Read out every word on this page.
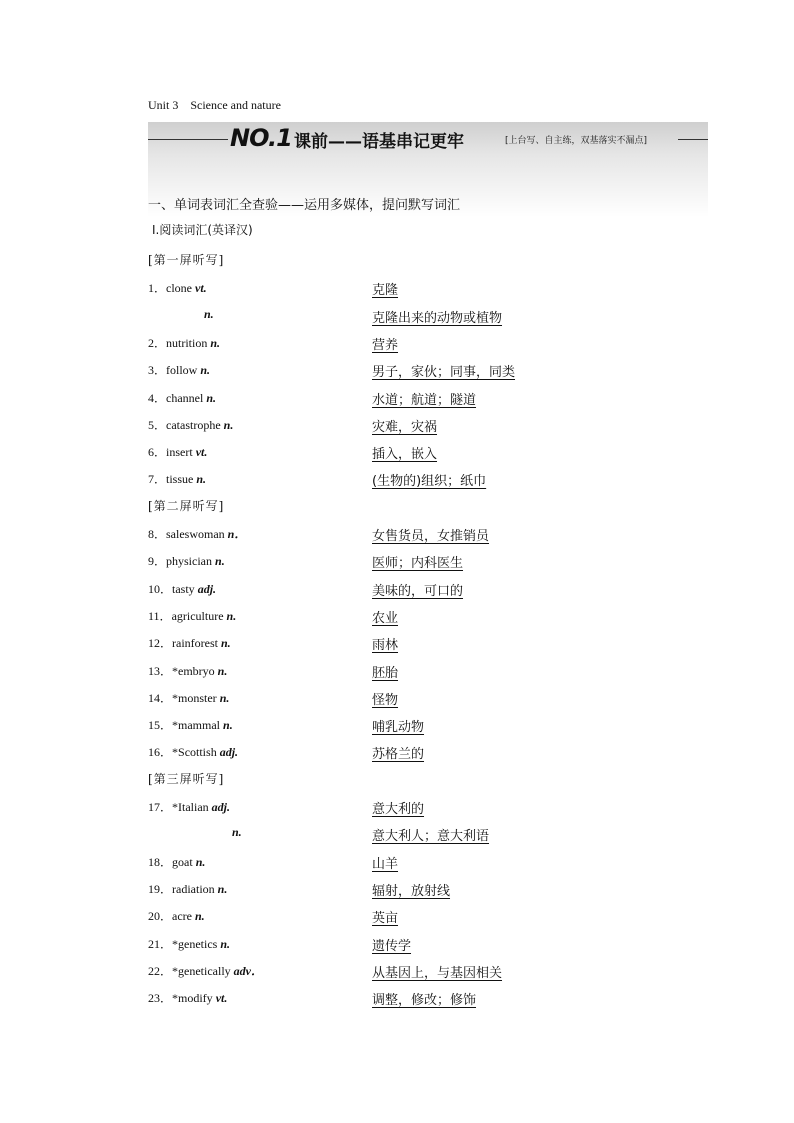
Unit 3　Science and nature
NO.1 课前——语基串记更牢	[上台写、自主练，双基落实不漏点]
一、单词表词汇全查验——运用多媒体，提问默写词汇
Ⅰ.阅读词汇(英译汉)
[第一屏听写]
1．clone vt.	克隆
n.	克隆出来的动物或植物
2．nutrition n.	营养
3．follow n.	男子，家伙；同事，同类
4．channel n.	水道；航道；隧道
5．catastrophe n.	灾难，灾祸
6．insert vt.	插入，嵌入
7．tissue n.	(生物的)组织；纸巾
[第二屏听写]
8．saleswoman n．	女售货员，女推销员
9．physician n.	医师；内科医生
10．tasty adj.	美味的，可口的
11．agriculture n.	农业
12．rainforest n.	雨林
13．*embryo n.	胚胎
14．*monster n.	怪物
15．*mammal n.	哺乳动物
16．*Scottish adj.	苏格兰的
[第三屏听写]
17．*Italian adj.	意大利的
n.	意大利人；意大利语
18．goat n.	山羊
19．radiation n.	辐射，放射线
20．acre n.	英亩
21．*genetics n.	遗传学
22．*genetically adv．	从基因上，与基因相关
23．*modify vt.	调整，修改；修饰
